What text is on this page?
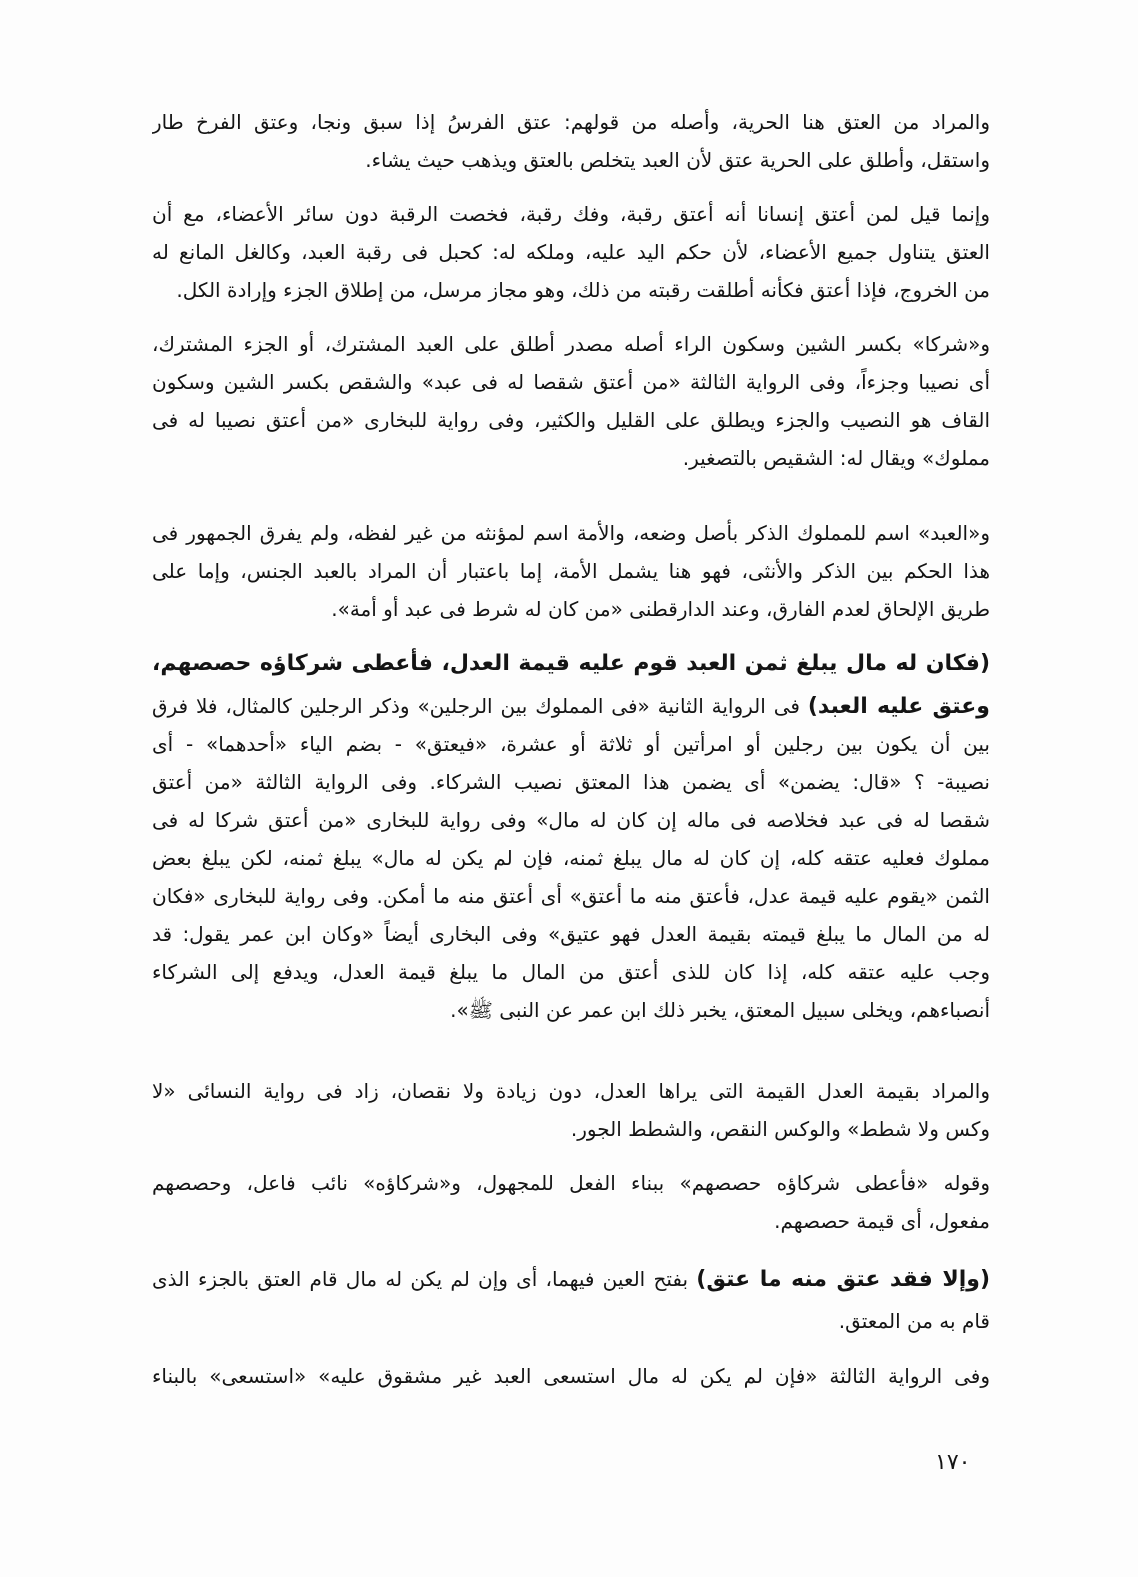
١٧٠
والمراد من العتق هنا الحرية، وأصله من قولهم: عتق الفرسُ إذا سبق ونجا، وعتق الفرخ طار
واستقل، وأطلق على الحرية عتق لأن العبد يتخلص بالعتق ويذهب حيث يشاء.
وإنما قيل لمن أعتق إنسانا أنه أعتق رقبة، وفك رقبة، فخصت الرقبة دون سائر الأعضاء، مع أن
العتق يتناول جميع الأعضاء، لأن حكم اليد عليه، وملكه له: كحبل فى رقبة العبد، وكالغل المانع له
من الخروج، فإذا أعتق فكأنه أطلقت رقبته من ذلك، وهو مجاز مرسل، من إطلاق الجزء وإرادة الكل.
و«شركا» بكسر الشين وسكون الراء أصله مصدر أطلق على العبد المشترك، أو الجزء المشترك،
أى نصيبا وجزءاً، وفى الرواية الثالثة «من أعتق شقصا له فى عبد» والشقص بكسر الشين وسكون
القاف هو النصيب والجزء ويطلق على القليل والكثير، وفى رواية للبخارى «من أعتق نصيبا له فى
مملوك» ويقال له: الشقيص بالتصغير.
و«العبد» اسم للمملوك الذكر بأصل وضعه، والأمة اسم لمؤنثه من غير لفظه، ولم يفرق الجمهور فى
هذا الحكم بين الذكر والأنثى، فهو هنا يشمل الأمة، إما باعتبار أن المراد بالعبد الجنس، وإما على
طريق الإلحاق لعدم الفارق، وعند الدارقطنى «من كان له شرط فى عبد أو أمة».
(فكان له مال يبلغ ثمن العبد قوم عليه قيمة العدل، فأعطى شركاؤه حصصهم،
وعتق عليه العبد) فى الرواية الثانية «فى المملوك بين الرجلين» وذكر الرجلين كالمثال، فلا فرق
بين أن يكون بين رجلين أو امرأتين أو ثلاثة أو عشرة، «فيعتق» - بضم الياء «أحدهما» - أى
نصيبة- ؟ «قال: يضمن» أى يضمن هذا المعتق نصيب الشركاء. وفى الرواية الثالثة «من أعتق
شقصا له فى عبد فخلاصه فى ماله إن كان له مال» وفى رواية للبخارى «من أعتق شركا له فى
مملوك فعليه عتقه كله، إن كان له مال يبلغ ثمنه، فإن لم يكن له مال» يبلغ ثمنه، لكن يبلغ بعض
الثمن «يقوم عليه قيمة عدل، فأعتق منه ما أعتق» أى أعتق منه ما أمكن. وفى رواية للبخارى «فكان
له من المال ما يبلغ قيمته بقيمة العدل فهو عتيق» وفى البخارى أيضاً «وكان ابن عمر يقول: قد
وجب عليه عتقه كله، إذا كان للذى أعتق من المال ما يبلغ قيمة العدل، ويدفع إلى الشركاء
أنصباءهم، ويخلى سبيل المعتق، يخبر ذلك ابن عمر عن النبى ﷺ».
والمراد بقيمة العدل القيمة التى يراها العدل، دون زيادة ولا نقصان، زاد فى رواية النسائى «لا
وكس ولا شطط» والوكس النقص، والشطط الجور.
وقوله «فأعطى شركاؤه حصصهم» ببناء الفعل للمجهول، و«شركاؤه» نائب فاعل، وحصصهم
مفعول، أى قيمة حصصهم.
(وإلا فقد عتق منه ما عتق) بفتح العين فيهما، أى وإن لم يكن له مال قام العتق بالجزء الذى
قام به من المعتق.
وفى الرواية الثالثة «فإن لم يكن له مال استسعى العبد غير مشقوق عليه» «استسعى» بالبناء
